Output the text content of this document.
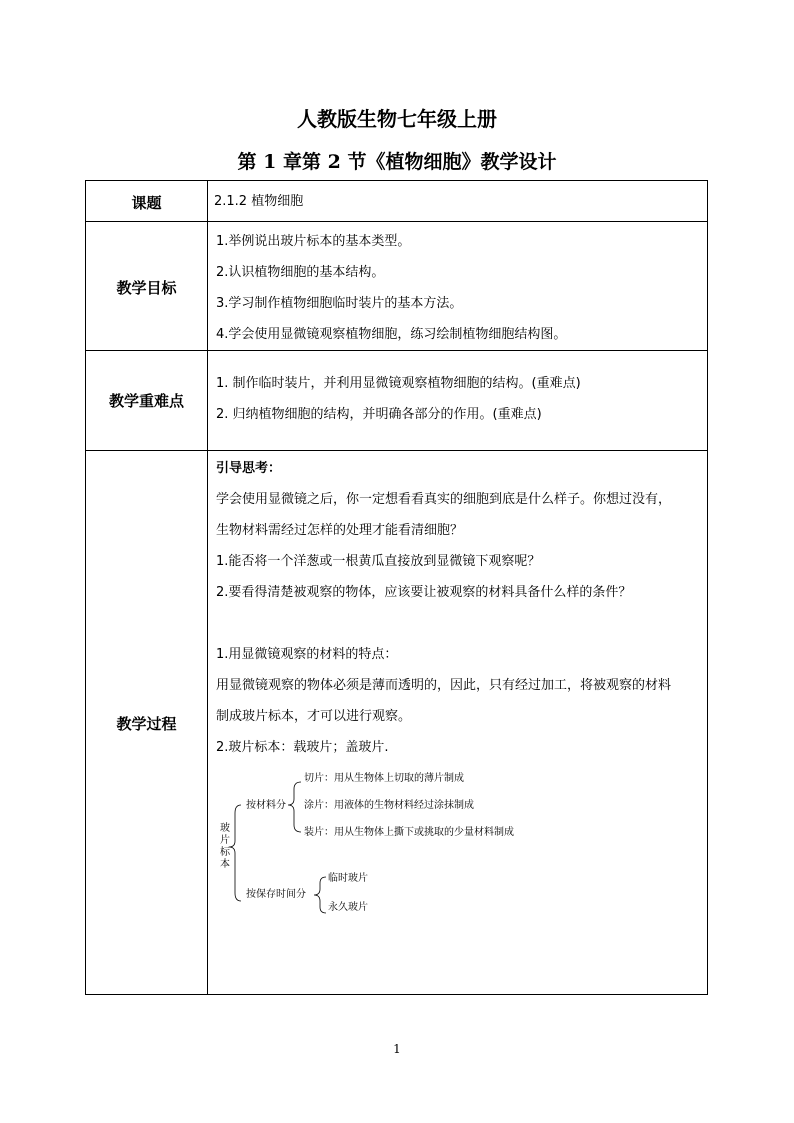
人教版生物七年级上册
第 1 章第 2 节《植物细胞》教学设计
课题	2.1.2 植物细胞
教学目标
1.举例说出玻片标本的基本类型。
2.认识植物细胞的基本结构。
3.学习制作植物细胞临时装片的基本方法。
4.学会使用显微镜观察植物细胞，练习绘制植物细胞结构图。
教学重难点
1. 制作临时装片，并利用显微镜观察植物细胞的结构。(重难点)
2. 归纳植物细胞的结构，并明确各部分的作用。(重难点)
教学过程
引导思考：
学会使用显微镜之后，你一定想看看真实的细胞到底是什么样子。你想过没有，
生物材料需经过怎样的处理才能看清细胞？
1.能否将一个洋葱或一根黄瓜直接放到显微镜下观察呢？
2.要看得清楚被观察的物体，应该要让被观察的材料具备什么样的条件？
1.用显微镜观察的材料的特点：
用显微镜观察的物体必须是薄而透明的，因此，只有经过加工，将被观察的材料
制成玻片标本，才可以进行观察。
2.玻片标本：载玻片；盖玻片.
玻
片
标
本
按材料分
切片：用从生物体上切取的薄片制成
涂片：用液体的生物材料经过涂抹制成
装片：用从生物体上撕下或挑取的少量材料制成
按保存时间分
临时玻片
永久玻片
1
